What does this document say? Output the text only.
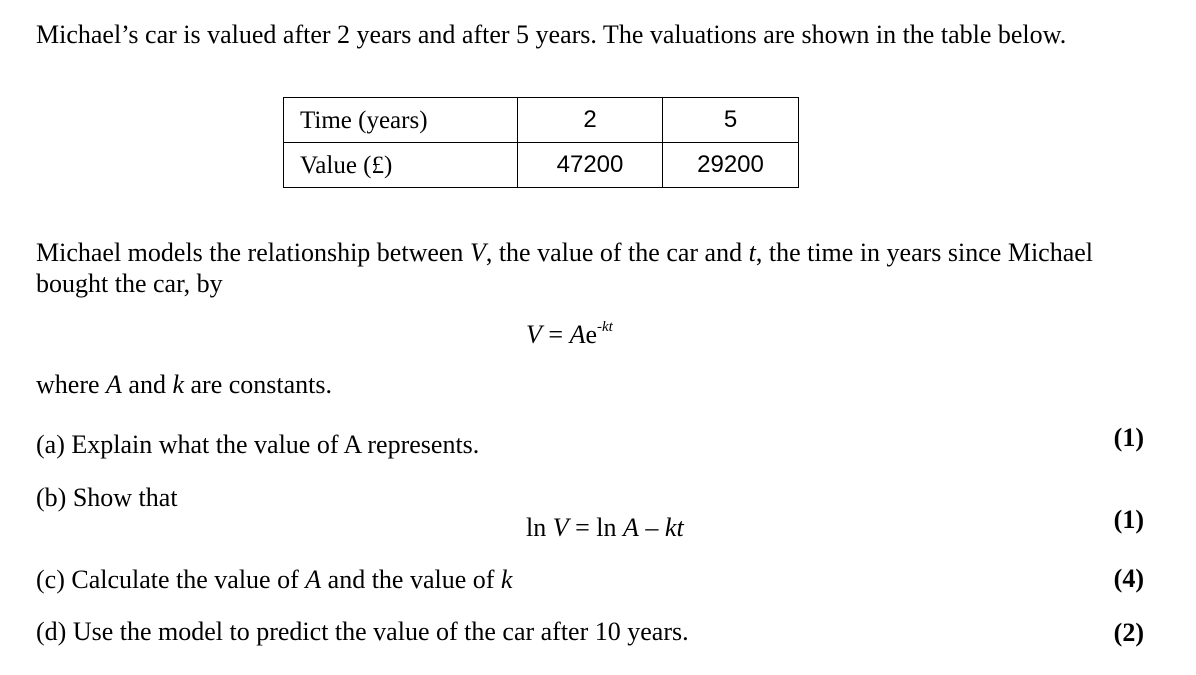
Michael’s car is valued after 2 years and after 5 years. The valuations are shown in the table below.
Time (years)	2	5
Value (£)	47200	29200
Michael models the relationship between V, the value of the car and t, the time in years since Michael
bought the car, by
$V = Ae^{-kt}$
where A and k are constants.
(a) Explain what the value of A represents.
(b) Show that
ln V = ln A – kt
(c) Calculate the value of A and the value of k
(d) Use the model to predict the value of the car after 10 years.
(1)
(1)
(4)
(2)
